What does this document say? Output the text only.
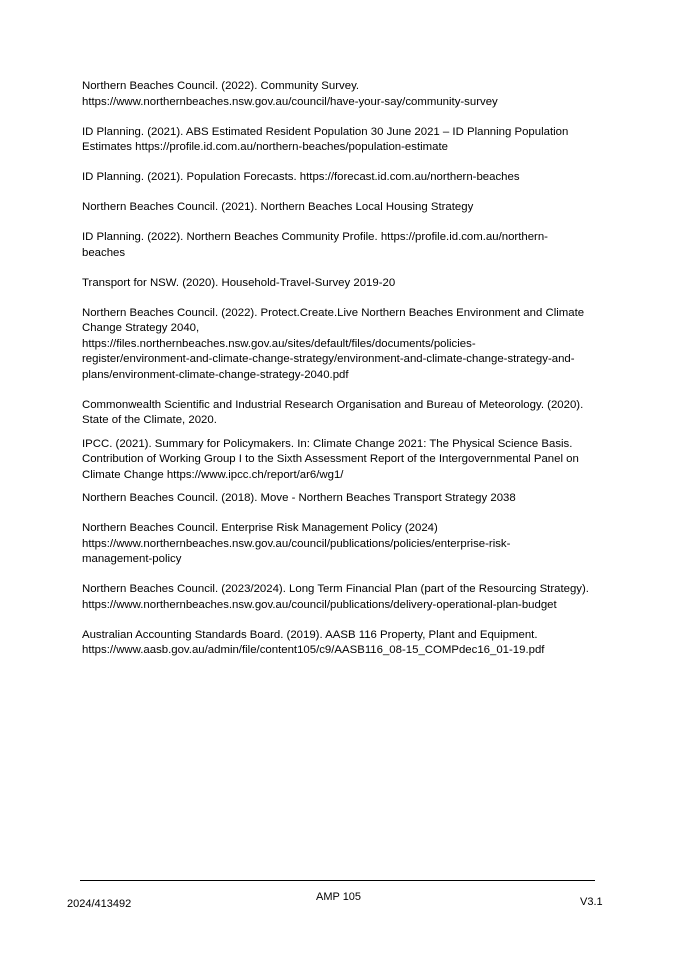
Northern Beaches Council. (2022). Community Survey.
https://www.northernbeaches.nsw.gov.au/council/have-your-say/community-survey

ID Planning. (2021). ABS Estimated Resident Population 30 June 2021 – ID Planning Population
Estimates https://profile.id.com.au/northern-beaches/population-estimate

ID Planning. (2021). Population Forecasts. https://forecast.id.com.au/northern-beaches

Northern Beaches Council. (2021). Northern Beaches Local Housing Strategy

ID Planning. (2022). Northern Beaches Community Profile. https://profile.id.com.au/northern-
beaches

Transport for NSW. (2020). Household-Travel-Survey 2019-20

Northern Beaches Council. (2022). Protect.Create.Live Northern Beaches Environment and Climate
Change Strategy 2040,
https://files.northernbeaches.nsw.gov.au/sites/default/files/documents/policies-
register/environment-and-climate-change-strategy/environment-and-climate-change-strategy-and-
plans/environment-climate-change-strategy-2040.pdf

Commonwealth Scientific and Industrial Research Organisation and Bureau of Meteorology. (2020).
State of the Climate, 2020.

IPCC. (2021). Summary for Policymakers. In: Climate Change 2021: The Physical Science Basis.
Contribution of Working Group I to the Sixth Assessment Report of the Intergovernmental Panel on
Climate Change https://www.ipcc.ch/report/ar6/wg1/

Northern Beaches Council. (2018). Move - Northern Beaches Transport Strategy 2038

Northern Beaches Council. Enterprise Risk Management Policy (2024)
https://www.northernbeaches.nsw.gov.au/council/publications/policies/enterprise-risk-
management-policy

Northern Beaches Council. (2023/2024). Long Term Financial Plan (part of the Resourcing Strategy).
https://www.northernbeaches.nsw.gov.au/council/publications/delivery-operational-plan-budget

Australian Accounting Standards Board. (2019). AASB 116 Property, Plant and Equipment.
https://www.aasb.gov.au/admin/file/content105/c9/AASB116_08-15_COMPdec16_01-19.pdf

2024/413492
AMP 105	V3.1
